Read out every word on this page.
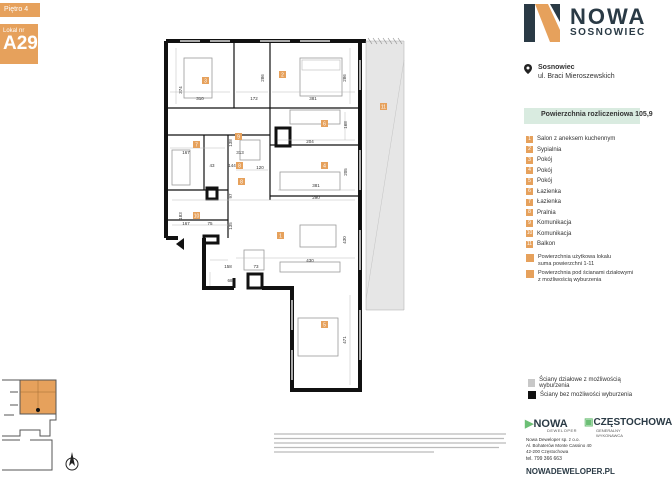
Piętro 4
Lokal nr
A29
3
2
6
4
7
9
8
8
10
1
5
11
310	172	381
374
286	286
204
168
138
313
167
43	144	120
381
205
290
97
167	75	135
183
430
158	73
430
68
471
NOWA
SOSNOWIEC
Sosnowiec
ul. Braci Mieroszewskich
Powierzchnia rozliczeniowa 105,9
1	Salon z aneksem kuchennym
2	Sypialnia
3	Pokój
4	Pokój
5	Pokój
6	Łazienka
7	Łazienka
8	Pralnia
9	Komunikacja
10 Komunikacja
11 Balkon
Powierzchnia użytkowa lokalu
suma powierzchni 1-11
Powierzchnia pod ścianami działowymi
z możliwością wyburzenia
Ściany działowe z możliwością wyburzenia
Ściany bez możliwości wyburzenia
▶NOWA
DEWELOPER
▣CZĘSTOCHOWA
GENERALNY WYKONAWCA
Nowa Deweloper sp. z o.o.
Al. Bohaterów Monte Cassino 40
42-200 Częstochowa
tel. 799 366 663
NOWADEWELOPER.PL
